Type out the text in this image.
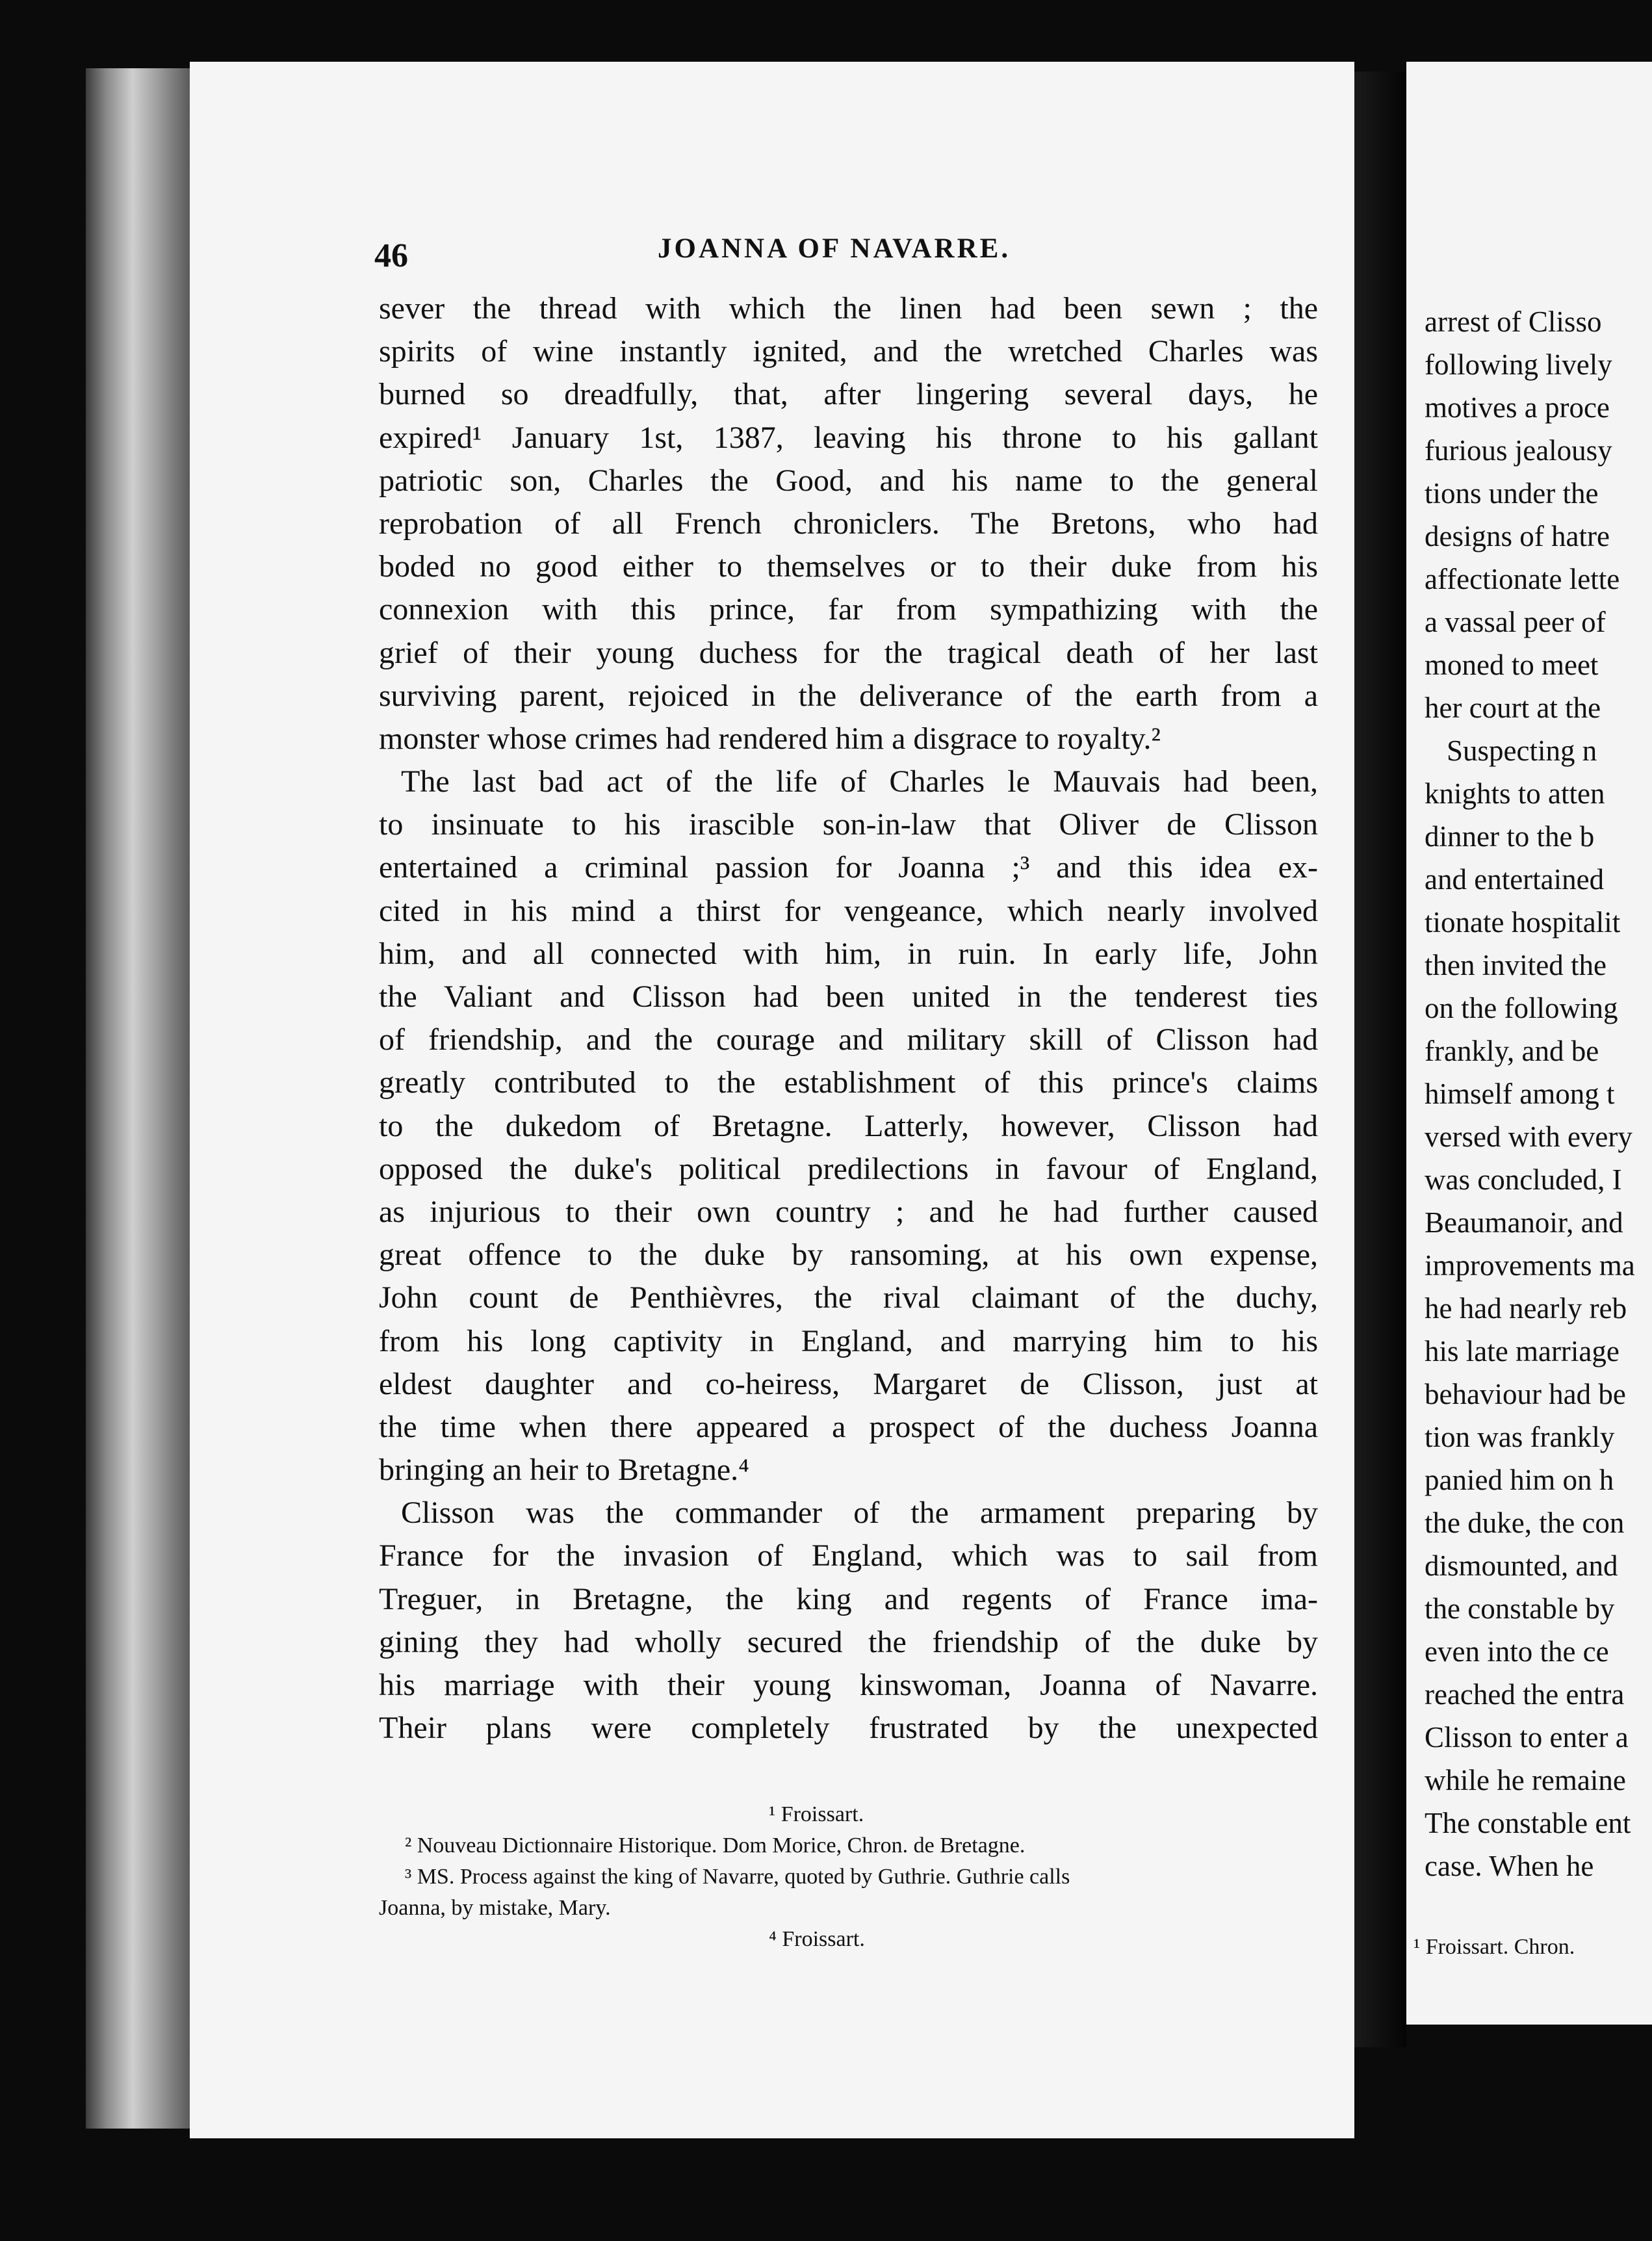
46	JOANNA OF NAVARRE.

sever the thread with which the linen had been sewn ; the
spirits of wine instantly ignited, and the wretched Charles was
burned so dreadfully, that, after lingering several days, he
expired¹ January 1st, 1387, leaving his throne to his gallant
patriotic son, Charles the Good, and his name to the general
reprobation of all French chroniclers. The Bretons, who had
boded no good either to themselves or to their duke from his
connexion with this prince, far from sympathizing with the
grief of their young duchess for the tragical death of her last
surviving parent, rejoiced in the deliverance of the earth from a
monster whose crimes had rendered him a disgrace to royalty.²
The last bad act of the life of Charles le Mauvais had been,
to insinuate to his irascible son-in-law that Oliver de Clisson
entertained a criminal passion for Joanna ;³ and this idea ex-
cited in his mind a thirst for vengeance, which nearly involved
him, and all connected with him, in ruin. In early life, John
the Valiant and Clisson had been united in the tenderest ties
of friendship, and the courage and military skill of Clisson had
greatly contributed to the establishment of this prince's claims
to the dukedom of Bretagne. Latterly, however, Clisson had
opposed the duke's political predilections in favour of England,
as injurious to their own country ; and he had further caused
great offence to the duke by ransoming, at his own expense,
John count de Penthièvres, the rival claimant of the duchy,
from his long captivity in England, and marrying him to his
eldest daughter and co-heiress, Margaret de Clisson, just at
the time when there appeared a prospect of the duchess Joanna
bringing an heir to Bretagne.⁴
Clisson was the commander of the armament preparing by
France for the invasion of England, which was to sail from
Treguer, in Bretagne, the king and regents of France ima-
gining they had wholly secured the friendship of the duke by
his marriage with their young kinswoman, Joanna of Navarre.
Their plans were completely frustrated by the unexpected
¹ Froissart.
² Nouveau Dictionnaire Historique. Dom Morice, Chron. de Bretagne.
³ MS. Process against the king of Navarre, quoted by Guthrie. Guthrie calls
Joanna, by mistake, Mary.
⁴ Froissart.
arrest of Clisso
following lively
motives a proce
furious jealousy
tions under the
designs of hatre
affectionate lette
a vassal peer of
moned to meet
her court at the
Suspecting n
knights to atten
dinner to the b
and entertained
tionate hospitalit
then invited the
on the following
frankly, and be
himself among t
versed with every
was concluded, I
Beaumanoir, and
improvements ma
he had nearly reb
his late marriage
behaviour had be
tion was frankly
panied him on h
the duke, the con
dismounted, and
the constable by
even into the ce
reached the entra
Clisson to enter a
while he remaine
The constable ent
case. When he

¹ Froissart. Chron.
